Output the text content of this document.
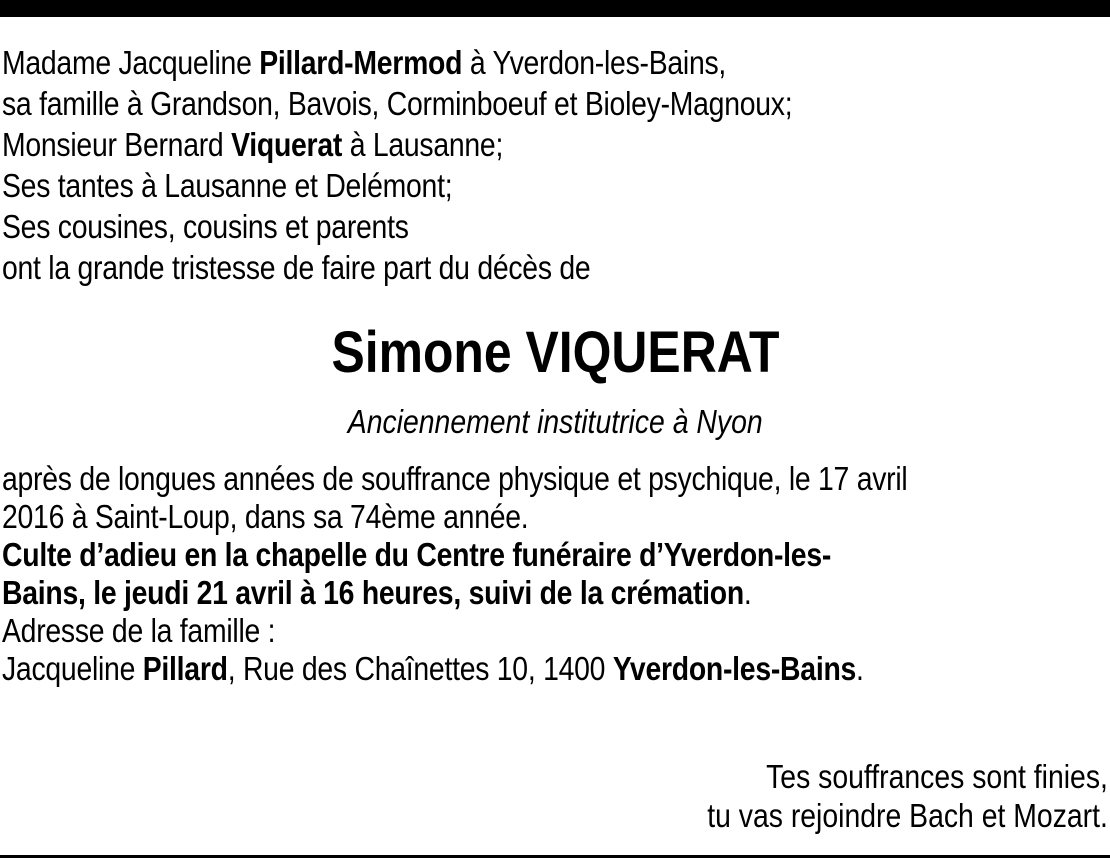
Madame Jacqueline Pillard-Mermod à Yverdon-les-Bains,
sa famille à Grandson, Bavois, Corminboeuf et Bioley-Magnoux;
Monsieur Bernard Viquerat à Lausanne;
Ses tantes à Lausanne et Delémont;
Ses cousines, cousins et parents
ont la grande tristesse de faire part du décès de
Simone VIQUERAT
Anciennement institutrice à Nyon
après de longues années de souffrance physique et psychique, le 17 avril
2016 à Saint-Loup, dans sa 74ème année.
Culte d’adieu en la chapelle du Centre funéraire d’Yverdon-les-
Bains, le jeudi 21 avril à 16 heures, suivi de la crémation.
Adresse de la famille :
Jacqueline Pillard, Rue des Chaînettes 10, 1400 Yverdon-les-Bains.
Tes souffrances sont finies,
tu vas rejoindre Bach et Mozart.
